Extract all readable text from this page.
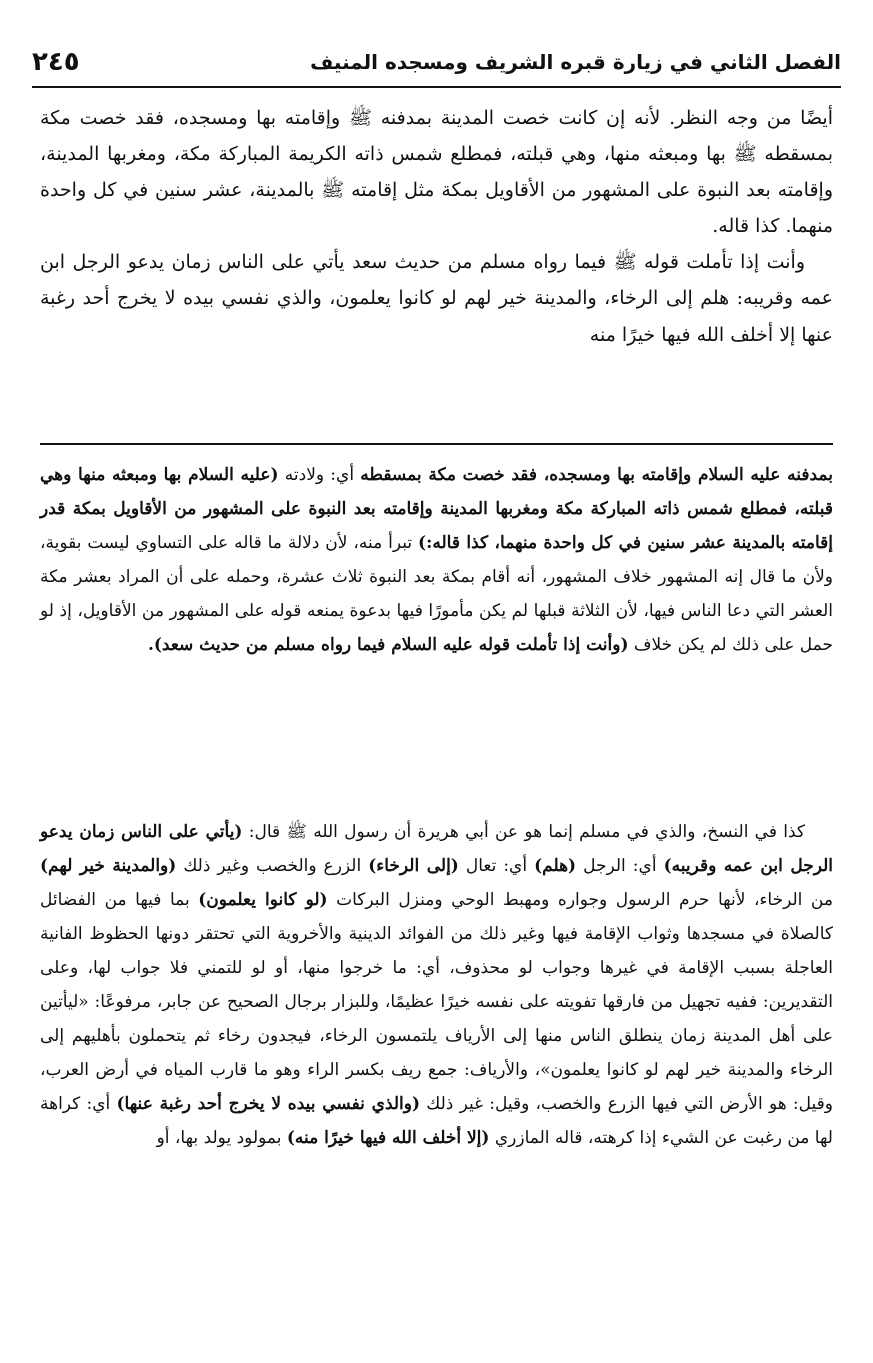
٢٤٥	الفصل الثاني في زيارة قبره الشريف ومسجده المنيف

أيضًا من وجه النظر. لأنه إن كانت خصت المدينة بمدفنه ﷺ وإقامته بها ومسجده، فقد خصت مكة بمسقطه ﷺ بها ومبعثه منها، وهي قبلته، فمطلع شمس ذاته الكريمة المباركة مكة، ومغربها المدينة، وإقامته بعد النبوة على المشهور من الأقاويل بمكة مثل إقامته ﷺ بالمدينة، عشر سنين في كل واحدة منهما. كذا قاله.

وأنت إذا تأملت قوله ﷺ فيما رواه مسلم من حديث سعد يأتي على الناس زمان يدعو الرجل ابن عمه وقريبه: هلم إلى الرخاء، والمدينة خير لهم لو كانوا يعلمون، والذي نفسي بيده لا يخرج أحد رغبة عنها إلا أخلف الله فيها خيرًا منه

بمدفنه عليه السلام وإقامته بها ومسجده، فقد خصت مكة بمسقطه أي: ولادته (عليه السلام بها ومبعثه منها وهي قبلته، فمطلع شمس ذاته المباركة مكة ومغربها المدينة وإقامته بعد النبوة على المشهور من الأقاويل بمكة قدر إقامته بالمدينة عشر سنين في كل واحدة منهما، كذا قاله:) تبرأ منه، لأن دلالة ما قاله على التساوي ليست بقوية، ولأن ما قال إنه المشهور خلاف المشهور، أنه أقام بمكة بعد النبوة ثلاث عشرة، وحمله على أن المراد بعشر مكة العشر التي دعا الناس فيها، لأن الثلاثة قبلها لم يكن مأمورًا فيها بدعوة يمنعه قوله على المشهور من الأقاويل، إذ لو حمل على ذلك لم يكن خلاف (وأنت إذا تأملت قوله عليه السلام فيما رواه مسلم من حديث سعد).

كذا في النسخ، والذي في مسلم إنما هو عن أبي هريرة أن رسول الله ﷺ قال: (يأتي على الناس زمان يدعو الرجل ابن عمه وقريبه) أي: الرجل (هلم) أي: تعال (إلى الرخاء) الزرع والخصب وغير ذلك (والمدينة خير لهم) من الرخاء، لأنها حرم الرسول وجواره ومهبط الوحي ومنزل البركات (لو كانوا يعلمون) بما فيها من الفضائل كالصلاة في مسجدها وثواب الإقامة فيها وغير ذلك من الفوائد الدينية والأخروية التي تحتقر دونها الحظوظ الفانية العاجلة بسبب الإقامة في غيرها وجواب لو محذوف، أي: ما خرجوا منها، أو لو للتمني فلا جواب لها، وعلى التقديرين: ففيه تجهيل من فارقها تفويته على نفسه خيرًا عظيمًا، وللبزار برجال الصحيح عن جابر، مرفوعًا: «ليأتين على أهل المدينة زمان ينطلق الناس منها إلى الأرياف يلتمسون الرخاء، فيجدون رخاء ثم يتحملون بأهليهم إلى الرخاء والمدينة خير لهم لو كانوا يعلمون»، والأرياف: جمع ريف بكسر الراء وهو ما قارب المياه في أرض العرب، وقيل: هو الأرض التي فيها الزرع والخصب، وقيل: غير ذلك (والذي نفسي بيده لا يخرج أحد رغبة عنها) أي: كراهة لها من رغبت عن الشيء إذا كرهته، قاله المازري (إلا أخلف الله فيها خيرًا منه) بمولود يولد بها، أو
